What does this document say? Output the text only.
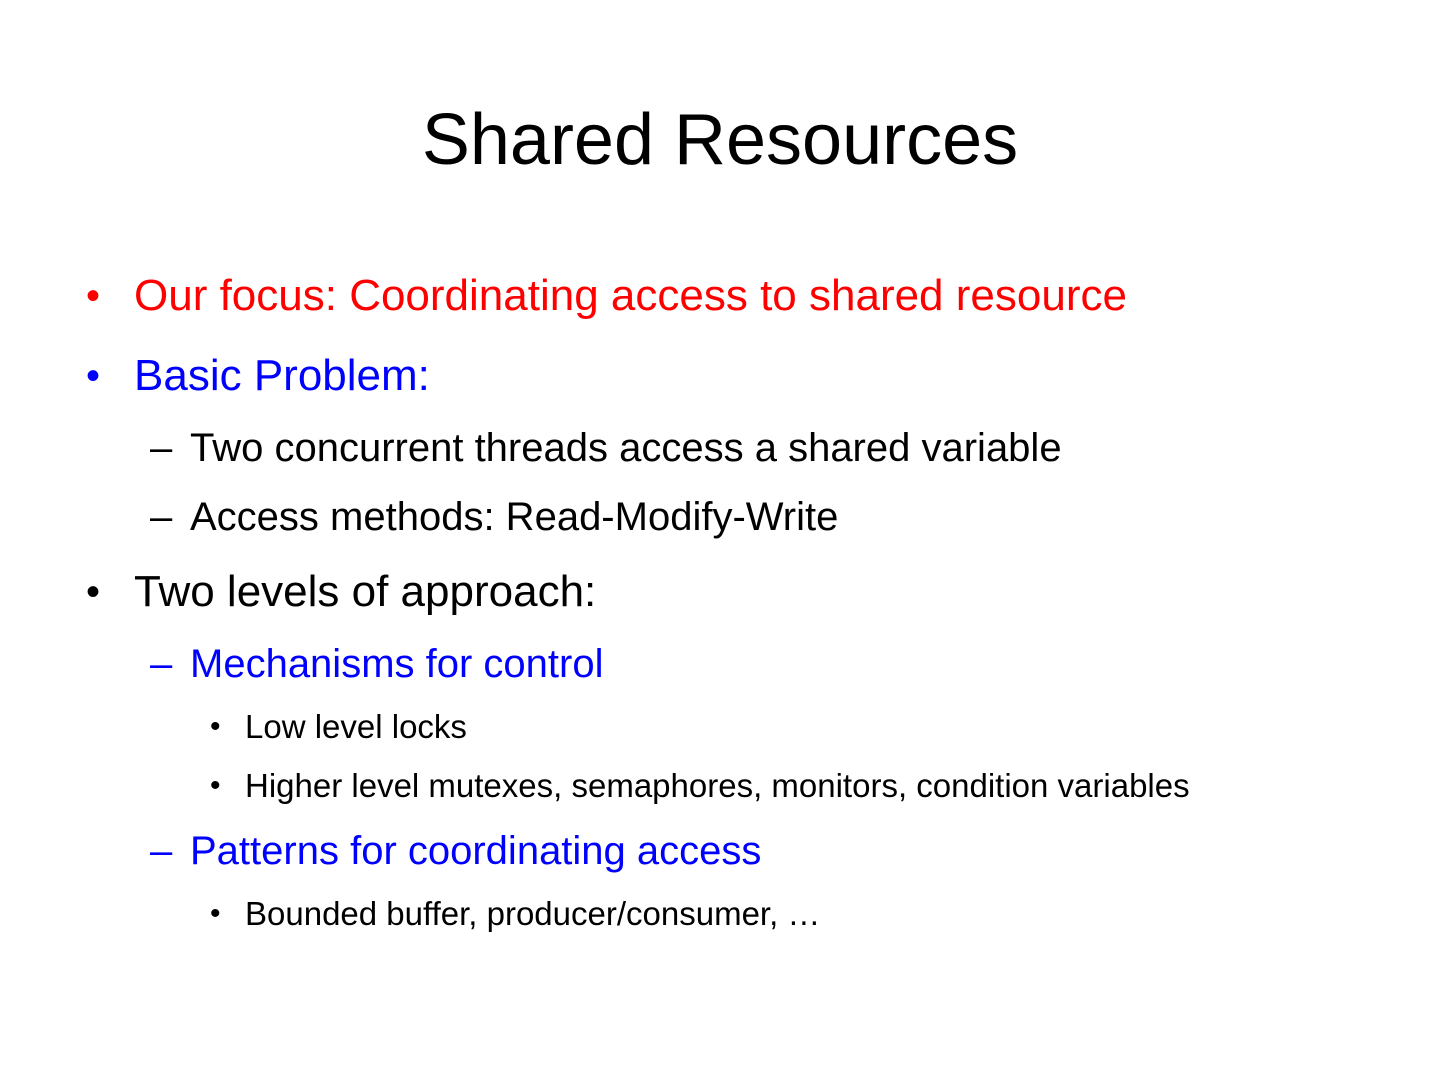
Shared Resources
• Our focus: Coordinating access to shared resource
• Basic Problem:
– Two concurrent threads access a shared variable
– Access methods: Read-Modify-Write
• Two levels of approach:
– Mechanisms for control
• Low level locks
• Higher level mutexes, semaphores, monitors, condition variables
– Patterns for coordinating access
• Bounded buffer, producer/consumer, …
